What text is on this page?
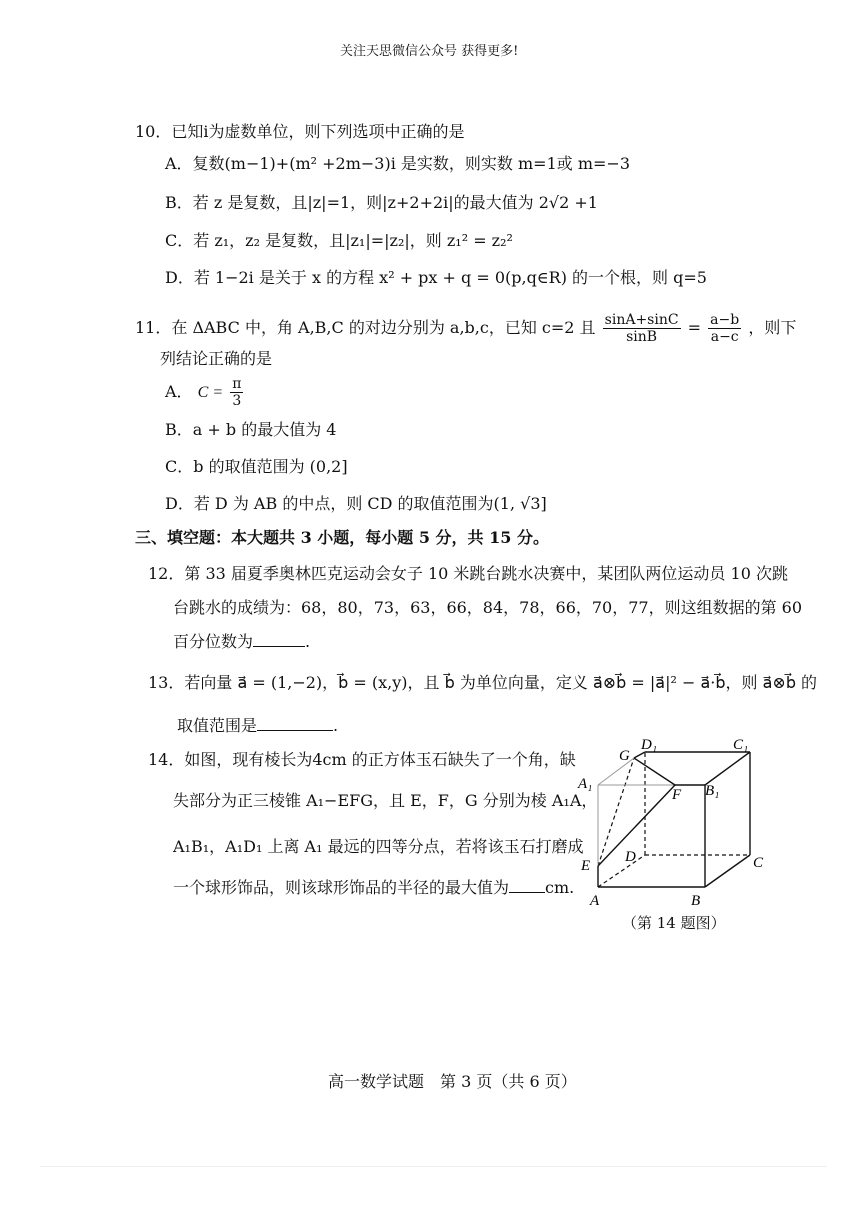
关注天思微信公众号 获得更多!
10．已知i为虚数单位，则下列选项中正确的是
A．复数(m−1)+(m² +2m−3)i 是实数，则实数 m=1或 m=−3
B．若 z 是复数，且|z|=1，则|z+2+2i|的最大值为 2√2 +1
C．若 z₁，z₂ 是复数，且|z₁|=|z₂|，则 z₁² = z₂²
D．若 1−2i 是关于 x 的方程 x² + px + q = 0(p,q∈R) 的一个根，则 q=5
11．在 ΔABC 中，角 A,B,C 的对边分别为 a,b,c，已知 c=2 且 $\frac{\sin A+\sin C}{\sin B} = \frac{a-b}{a-c}$ ，则下
列结论正确的是
A． $C = \frac{\pi}{3}$
B．a + b 的最大值为 4
C．b 的取值范围为 (0,2]
D．若 D 为 AB 的中点，则 CD 的取值范围为(1, √3]
三、填空题：本大题共 3 小题，每小题 5 分，共 15 分。
12．第 33 届夏季奥林匹克运动会女子 10 米跳台跳水决赛中，某团队两位运动员 10 次跳
台跳水的成绩为：68，80，73，63，66，84，78，66，70，77，则这组数据的第 60
百分位数为	.
13．若向量 a⃗ = (1,−2)，b⃗ = (x,y)，且 b⃗ 为单位向量，定义 a⃗⊗b⃗ = |a⃗|² − a⃗·b⃗，则 a⃗⊗b⃗ 的
取值范围是	.
14．如图，现有棱长为4cm 的正方体玉石缺失了一个角，缺
失部分为正三棱锥 A₁−EFG，且 E，F，G 分别为棱 A₁A，
A₁B₁，A₁D₁ 上离 A₁ 最远的四等分点，若将该玉石打磨成
一个球形饰品，则该球形饰品的半径的最大值为 cm.
G
D₁	C₁
A₁
F B₁
E
D	C
A	B
（第 14 题图）
高一数学试题　第 3 页（共 6 页）
